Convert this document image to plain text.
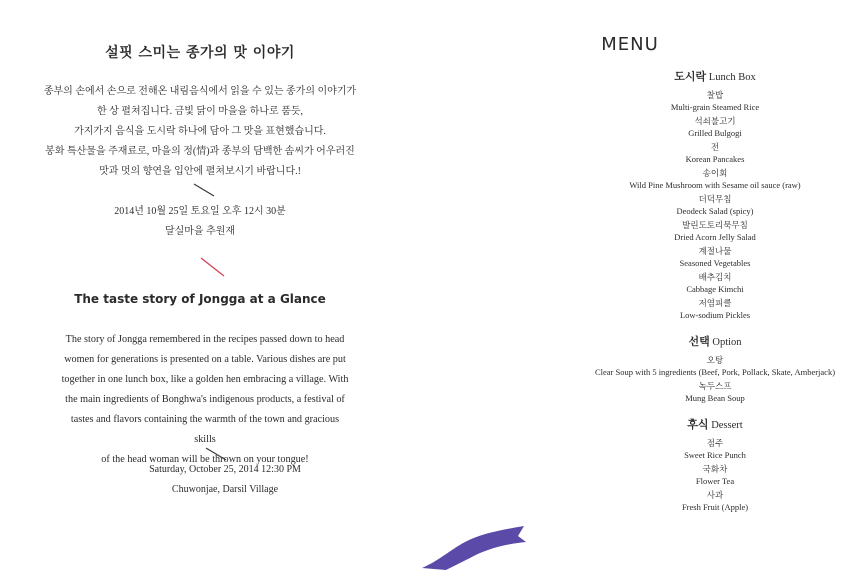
설핏 스미는 종가의 맛 이야기
종부의 손에서 손으로 전해온 내림음식에서 읽을 수 있는 종가의 이야기가
한 상 펼쳐집니다. 금빛 닭이 마을을 하나로 품듯,
가지가지 음식을 도시락 하나에 담아 그 맛을 표현했습니다.
봉화 특산물을 주재료로, 마을의 정(情)과 종부의 담백한 솜씨가 어우러진
맛과 멋의 향연을 입안에 펼쳐보시기 바랍니다.!
2014년 10월 25일 토요일 오후 12시 30분
달실마을 추원재
The taste story of Jongga at a Glance
The story of Jongga remembered in the recipes passed down to head
women for generations is presented on a table. Various dishes are put
together in one lunch box, like a golden hen embracing a village. With
the main ingredients of Bonghwa's indigenous products, a festival of
tastes and flavors containing the warmth of the town and gracious skills
of the head woman will be thrown on your tongue!
Saturday, October 25, 2014 12:30 PM
Chuwonjae, Darsil Village
MENU
도시락 Lunch Box
찰밥
Multi-grain Steamed Rice
석쇠불고기
Grilled Bulgogi
전
Korean Pancakes
송이회
Wild Pine Mushroom with Sesame oil sauce (raw)
더덕무침
Deodeck Salad (spicy)
발린도토리묵무침
Dried Acorn Jelly Salad
계절나물
Seasoned Vegetables
배추김치
Cabbage Kimchi
저염피클
Low-sodium Pickles
선택 Option
오탕
Clear Soup with 5 ingredients (Beef, Pork, Pollack, Skate, Amberjack)
녹두스프
Mung Bean Soup
후식 Dessert
점주
Sweet Rice Punch
국화차
Flower Tea
사과
Fresh Fruit (Apple)
